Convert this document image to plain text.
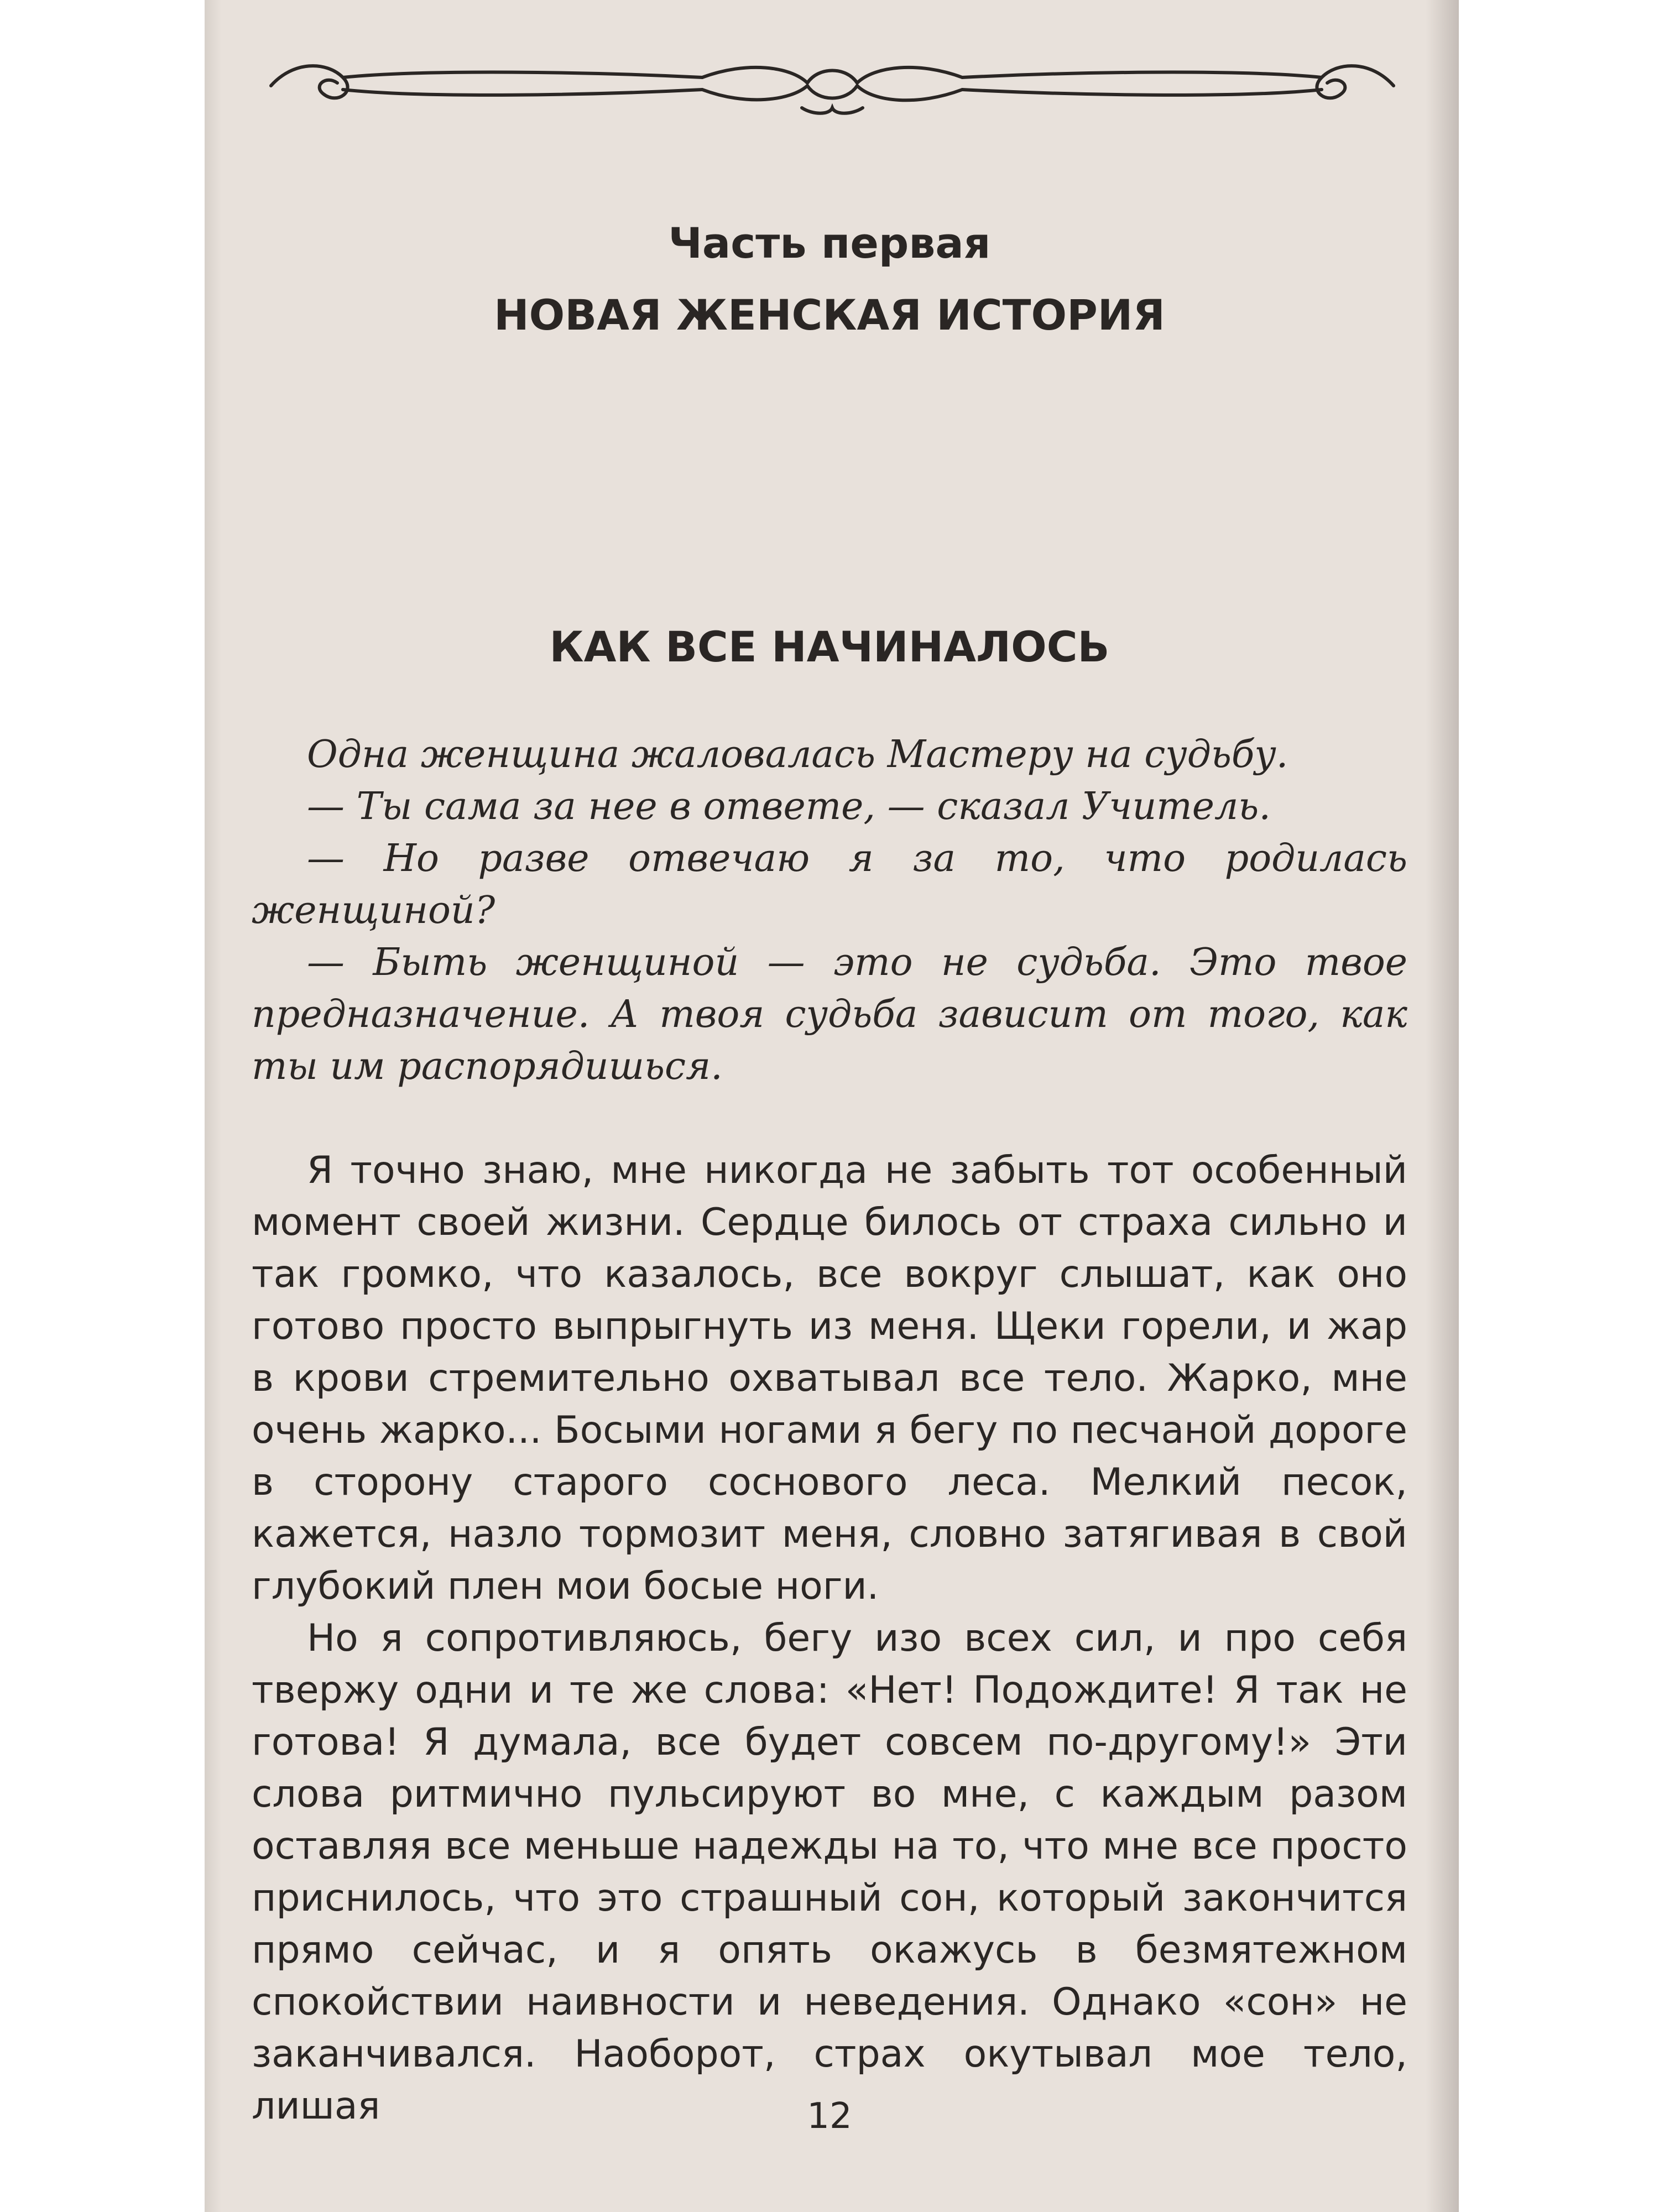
Часть первая
НОВАЯ ЖЕНСКАЯ ИСТОРИЯ
КАК ВСЕ НАЧИНАЛОСЬ

Одна женщина жаловалась Мастеру на судьбу.

— Ты сама за нее в ответе, — сказал Учитель.

— Но разве отвечаю я за то, что родилась женщиной?

— Быть женщиной — это не судьба. Это твое предназначение. А твоя судьба зависит от того, как ты им распорядишься.

Я точно знаю, мне никогда не забыть тот особенный момент своей жизни. Сердце билось от страха сильно и так громко, что казалось, все вокруг слышат, как оно готово просто выпрыгнуть из меня. Щеки горели, и жар в крови стремительно охватывал все тело. Жарко, мне очень жарко... Босыми ногами я бегу по песчаной дороге в сторону старого соснового леса. Мелкий песок, кажется, назло тормозит меня, словно затягивая в свой глубокий плен мои босые ноги.

Но я сопротивляюсь, бегу изо всех сил, и про себя твержу одни и те же слова: «Нет! Подождите! Я так не готова! Я думала, все будет совсем по-другому!» Эти слова ритмично пульсируют во мне, с каждым разом оставляя все меньше надежды на то, что мне все просто приснилось, что это страшный сон, который закончится прямо сейчас, и я опять окажусь в безмятежном спокойствии наивности и неведения. Однако «сон» не заканчивался. Наоборот, страх окутывал мое тело, лишая	12
